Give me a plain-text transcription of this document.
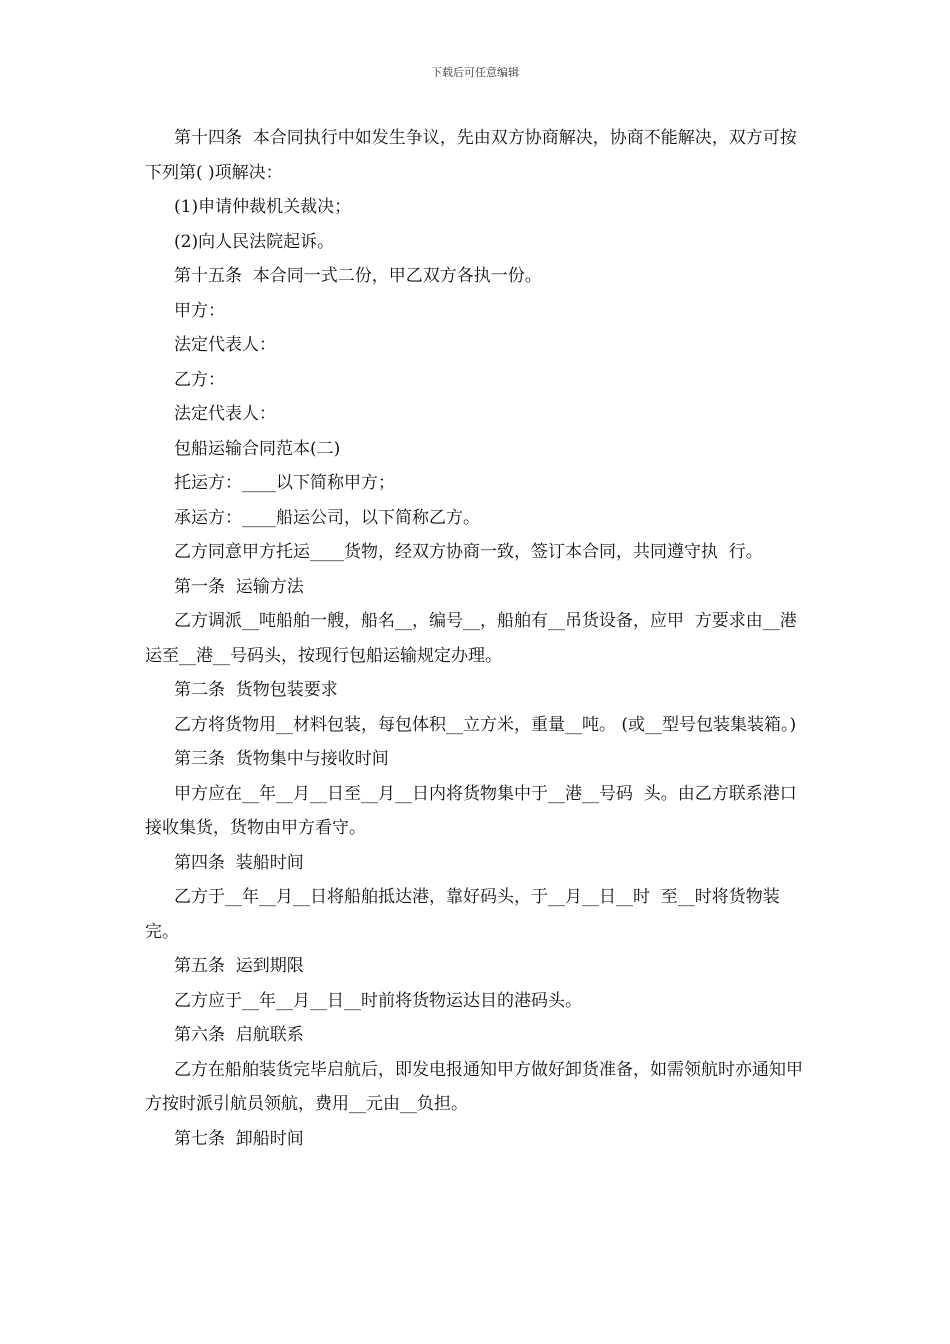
下载后可任意编辑

第十四条  本合同执行中如发生争议，先由双方协商解决，协商不能解决，双方可按下列第( )项解决：

(1)申请仲裁机关裁决；

(2)向人民法院起诉。

第十五条  本合同一式二份，甲乙双方各执一份。

甲方：

法定代表人：

乙方：

法定代表人：

包船运输合同范本(二)

托运方：____以下简称甲方；

承运方：____船运公司，以下简称乙方。

乙方同意甲方托运____货物，经双方协商一致，签订本合同，共同遵守执  行。

第一条  运输方法

乙方调派__吨船舶一艘，船名__，编号__，船舶有__吊货设备，应甲  方要求由__港运至__港__号码头，按现行包船运输规定办理。

第二条  货物包装要求

乙方将货物用__材料包装，每包体积__立方米，重量__吨。 (或__型号包装集装箱。)

第三条  货物集中与接收时间

甲方应在__年__月__日至__月__日内将货物集中于__港__号码  头。由乙方联系港口接收集货，货物由甲方看守。

第四条  装船时间

乙方于__年__月__日将船舶抵达港，靠好码头，于__月__日__时  至__时将货物装完。

第五条  运到期限

乙方应于__年__月__日__时前将货物运达目的港码头。

第六条  启航联系

乙方在船舶装货完毕启航后，即发电报通知甲方做好卸货准备，如需领航时亦通知甲方按时派引航员领航，费用__元由__负担。

第七条  卸船时间
